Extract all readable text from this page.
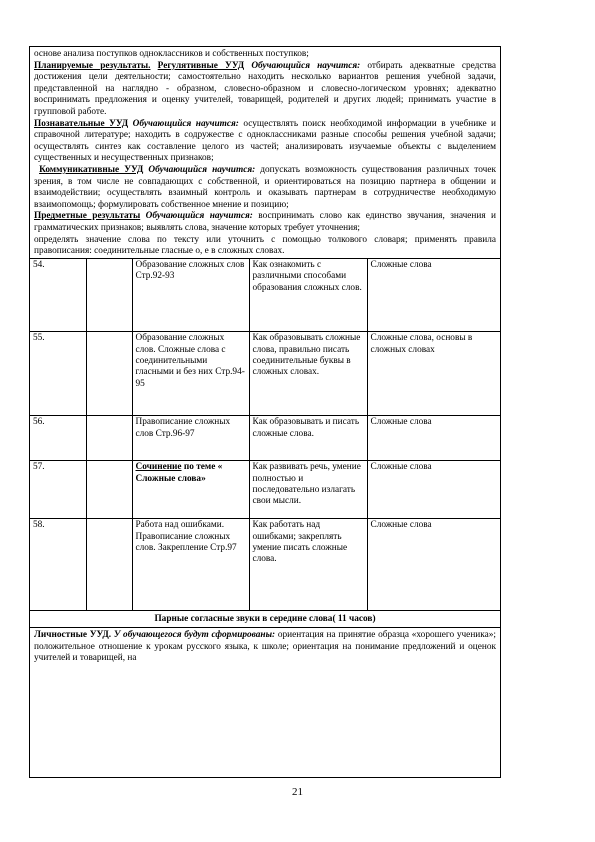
основе анализа поступков одноклассников и собственных поступков;

Планируемые результаты. Регулятивные УУД Обучающийся научится: отбирать адекватные средства достижения цели деятельности; самостоятельно находить несколько вариантов решения учебной задачи, представленной на наглядно - образном, словесно-образном и словесно-логическом уровнях; адекватно воспринимать предложения и оценку учителей, товарищей, родителей и других людей; принимать участие в групповой работе.

Познавательные УУД Обучающийся научится: осуществлять поиск необходимой информации в учебнике и справочной литературе; находить в содружестве с одноклассниками разные способы решения учебной задачи; осуществлять синтез как составление целого из частей; анализировать изучаемые объекты с выделением существенных и несущественных признаков;

Коммуникативные УУД Обучающийся научится: допускать возможность существования различных точек зрения, в том числе не совпадающих с собственной, и ориентироваться на позицию партнера в общении и взаимодействии; осуществлять взаимный контроль и оказывать партнерам в сотрудничестве необходимую взаимопомощь; формулировать собственное мнение и позицию;

Предметные результаты Обучающийся научится: воспринимать слово как единство звучания, значения и грамматических признаков; выявлять слова, значение которых требует уточнения;

определять значение слова по тексту или уточнить с помощью толкового словаря; применять правила правописания: соединительные гласные о, е в сложных словах.

54.		Образование сложных слов Стр.92-93	Как ознакомить с различными способами образования сложных слов.	Сложные слова
55.		Образование сложных слов. Сложные слова с соединительными гласными и без них Стр.94-95	Как образовывать сложные слова, правильно писать соединительные буквы в сложных словах.	Сложные слова, основы в сложных словах
56.		Правописание сложных слов Стр.96-97	Как образовывать и писать сложные слова.	Сложные слова
57.		Сочинение по теме « Сложные слова»	Как развивать речь, умение полностью и последовательно излагать свои мысли.	Сложные слова
58.		Работа над ошибками. Правописание сложных слов. Закрепление Стр.97	Как работать над ошибками; закреплять умение писать сложные слова.	Сложные слова
Парные согласные звуки в середине слова( 11 часов)

Личностные УУД. У обучающегося будут сформированы: ориентация на принятие образца «хорошего ученика»; положительное отношение к урокам русского языка, к школе; ориентация на понимание предложений и оценок учителей и товарищей, на

21
